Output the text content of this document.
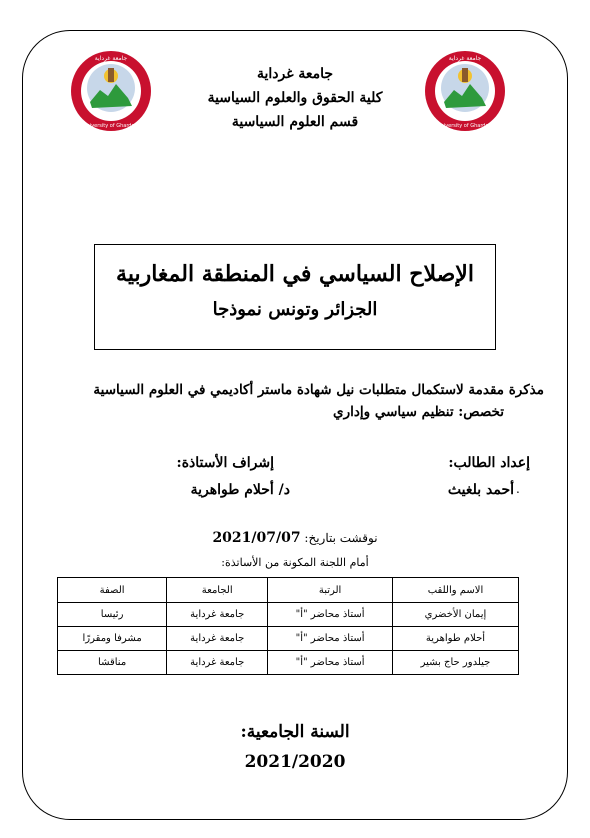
جامعة غرداية
University of Ghardaia
جامعة غرداية
University of Ghardaia
جامعة غرداية
كلية الحقوق والعلوم السياسية
قسم العلوم السياسية
الإصلاح السياسي في المنطقة المغاربية
الجزائر وتونس نموذجا
مذكرة مقدمة لاستكمال متطلبات نيل شهادة ماستر أكاديمي في العلوم السياسية
تخصص: تنظيم سياسي وإداري
إعداد الطالب:
إشراف الأستاذة:
أحمد بلغيث
د/ أحلام طواهرية	.
نوقشت بتاريخ: 2021/07/07
أمام اللجنة المكونة من الأساتذة:
الاسم واللقب	الرتبة	الجامعة	الصفة
إيمان الأخضري	أستاذ محاضر "أ"	جامعة غرداية	رئيسا
أحلام طواهرية	أستاذ محاضر "أ"	جامعة غرداية	مشرفا ومقررًا
جيلدور حاج بشير	أستاذ محاضر "أ"	جامعة غرداية	مناقشا
السنة الجامعية:
2021/2020
